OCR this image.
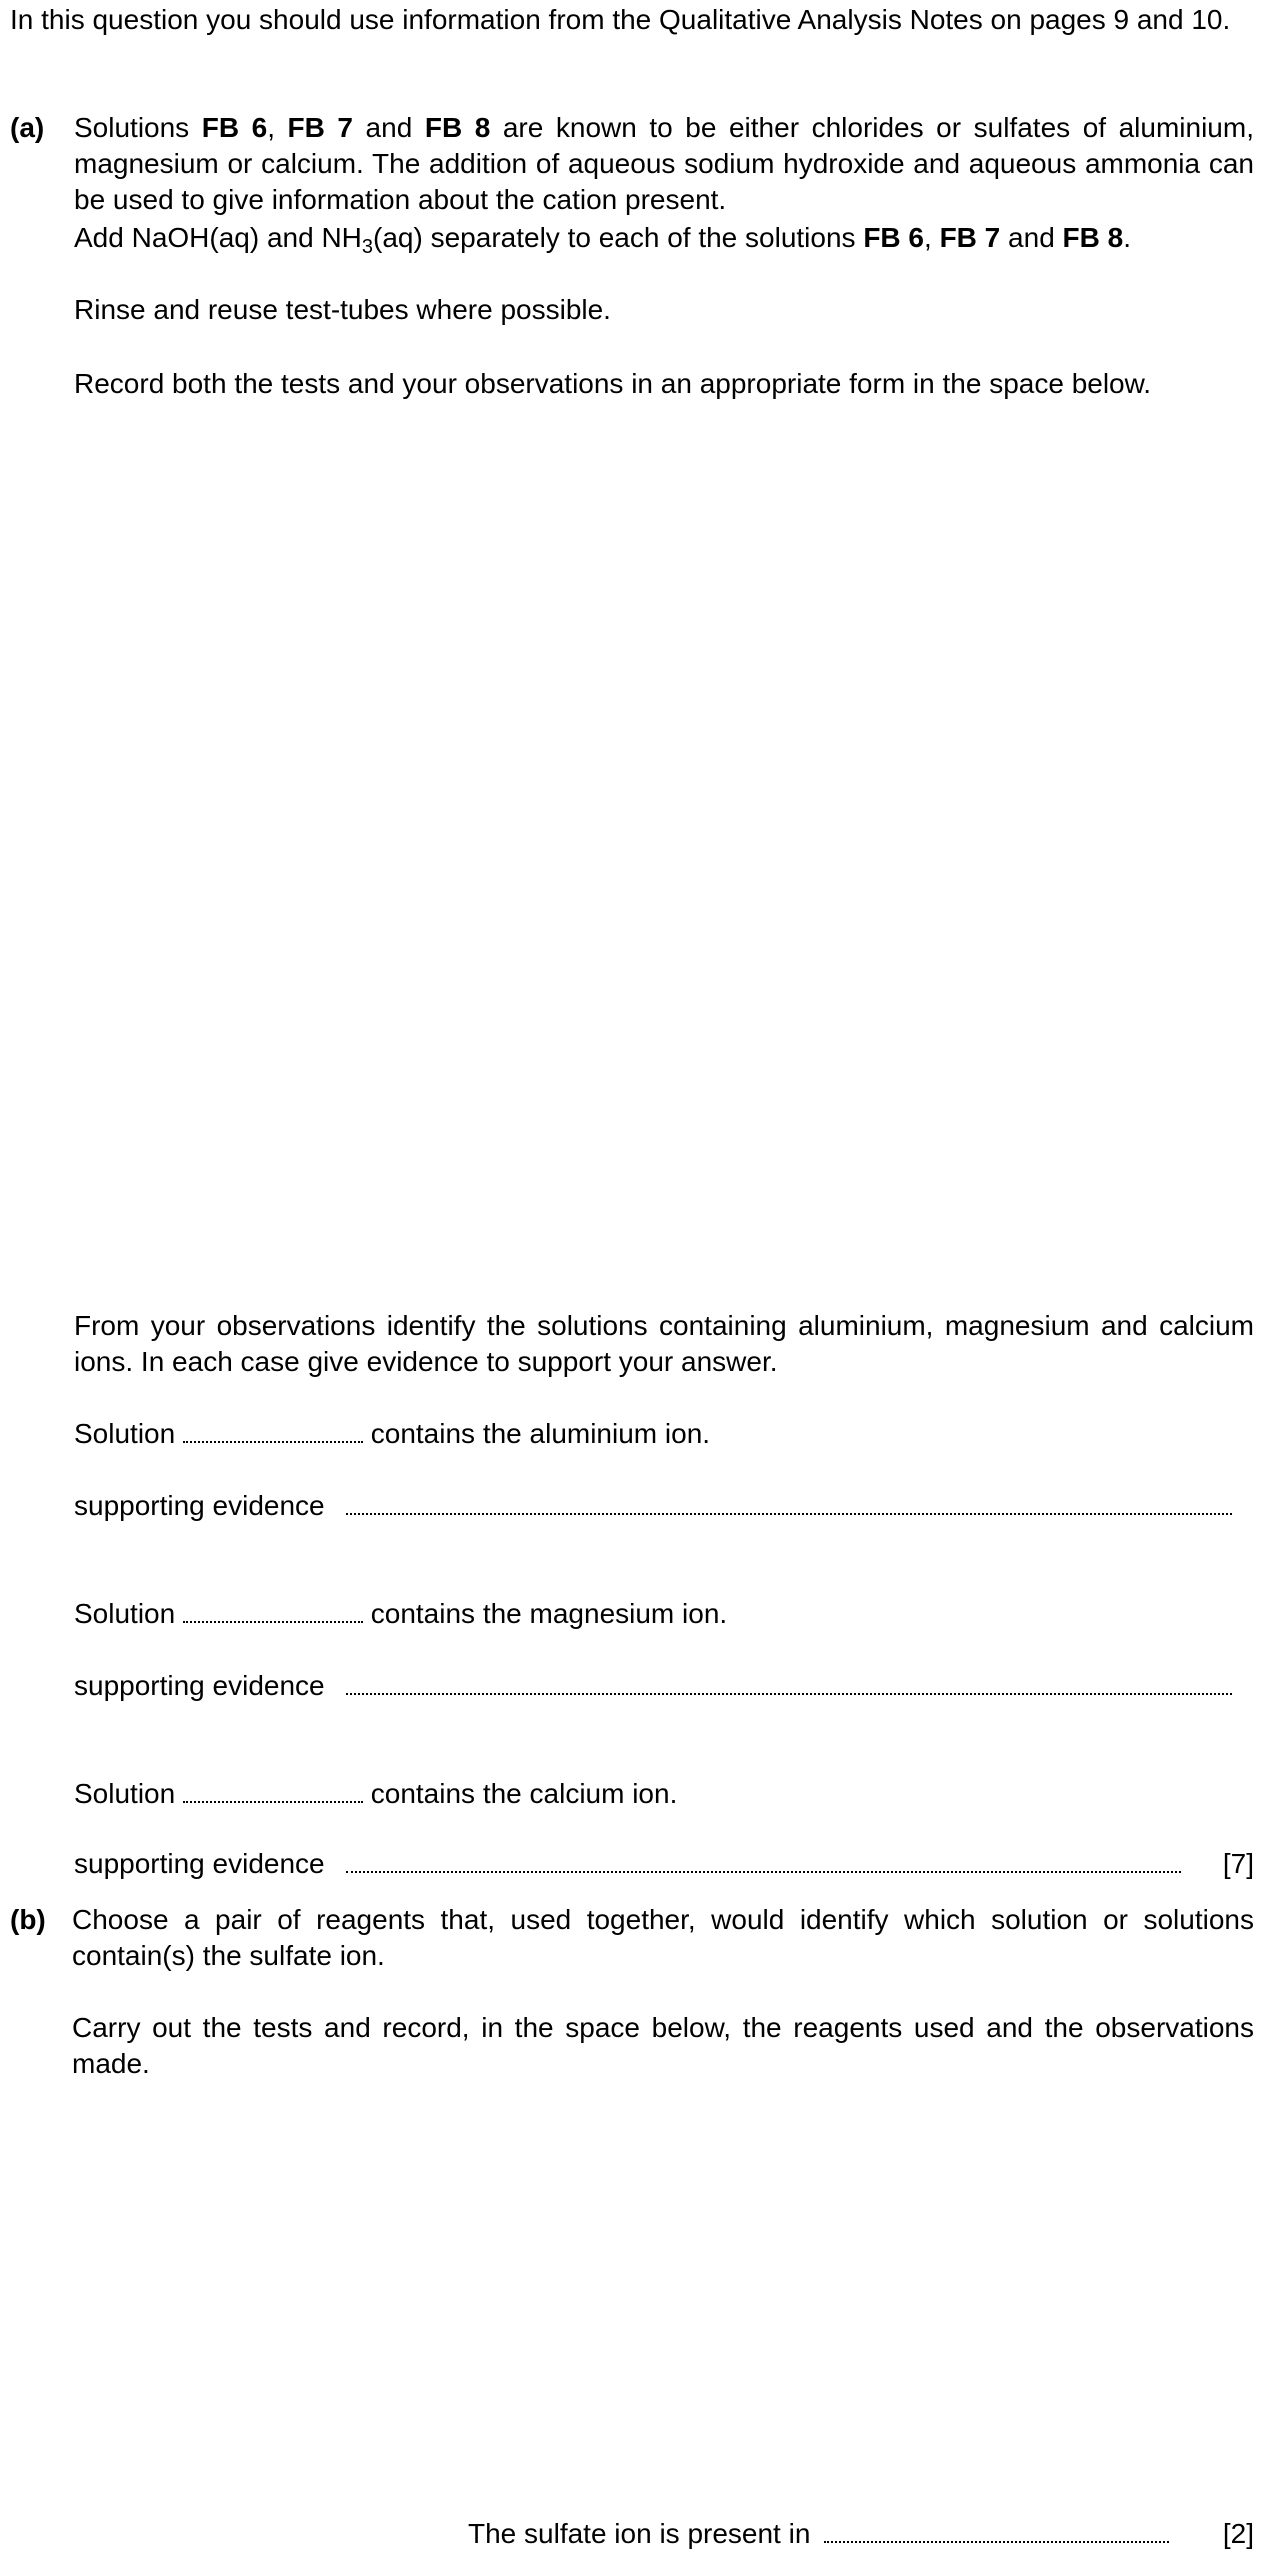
In this question you should use information from the Qualitative Analysis Notes on pages 9 and 10.
(a) Solutions FB 6, FB 7 and FB 8 are known to be either chlorides or sulfates of aluminium, magnesium or calcium. The addition of aqueous sodium hydroxide and aqueous ammonia can be used to give information about the cation present.
Add NaOH(aq) and $NH_3(aq)$ separately to each of the solutions FB 6, FB 7 and FB 8.
Rinse and reuse test-tubes where possible.
Record both the tests and your observations in an appropriate form in the space below.
From your observations identify the solutions containing aluminium, magnesium and calcium ions. In each case give evidence to support your answer.
Solution	contains the aluminium ion.
supporting evidence
Solution	contains the magnesium ion.
supporting evidence
Solution	contains the calcium ion.
supporting evidence	[7]
(b) Choose a pair of reagents that, used together, would identify which solution or solutions contain(s) the sulfate ion.
Carry out the tests and record, in the space below, the reagents used and the observations made.
The sulfate ion is present in	[2]
